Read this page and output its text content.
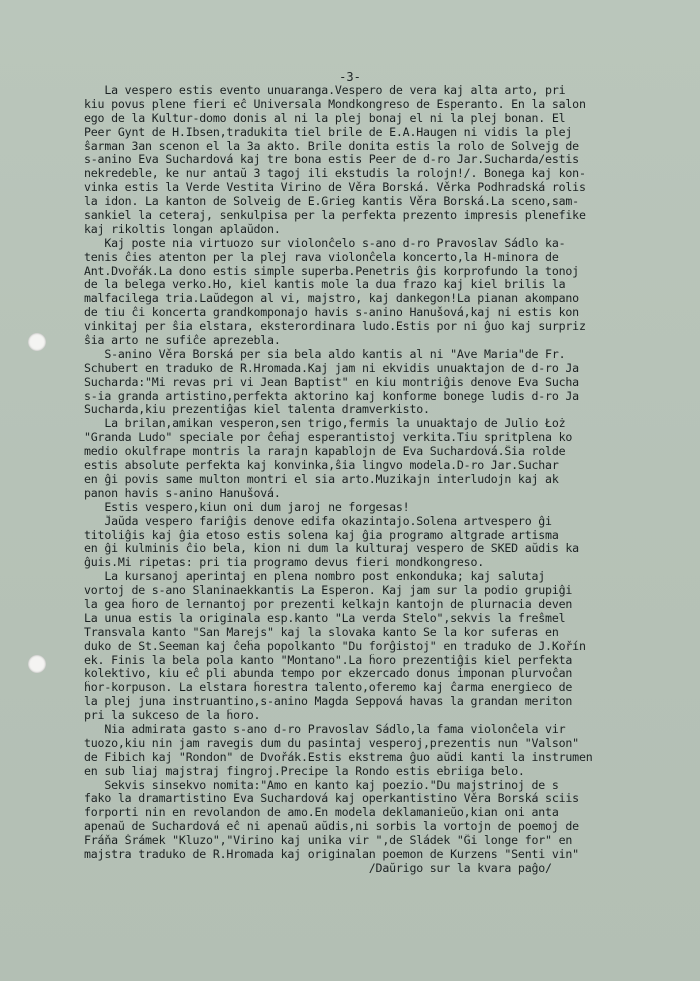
-3-
La vespero estis evento unuaranga.Vespero de vera kaj alta arto, pri
kiu povus plene fieri eĉ Universala Mondkongreso de Esperanto. En la salon
ego de la Kultur-domo donis al ni la plej bonaj el ni la plej bonan. El
Peer Gynt de H.Ibsen,tradukita tiel brile de E.A.Haugen ni vidis la plej
ŝarman 3an scenon el la 3a akto. Brile donita estis la rolo de Solvejg de
s-anino Eva Suchardová kaj tre bona estis Peer de d-ro Jar.Sucharda/estis
nekredeble, ke nur antaŭ 3 tagoj ili ekstudis la rolojn!/. Bonega kaj kon-
vinka estis la Verde Vestita Virino de Věra Borská. Věrka Podhradská rolis
la idon. La kanton de Solveig de E.Grieg kantis Věra Borská.La sceno,sam-
sankiel la ceteraj, senkulpisa per la perfekta prezento impresis plenefike
kaj rikoltis longan aplaŭdon.
Kaj poste nia virtuozo sur violonĉelo s-ano d-ro Pravoslav Sádlo ka-
tenis ĉies atenton per la plej rava violonĉela koncerto,la H-minora de
Ant.Dvořák.La dono estis simple superba.Penetris ĝis korprofundo la tonoj
de la belega verko.Ho, kiel kantis mole la dua frazo kaj kiel brilis la
malfacilega tria.Laŭdegon al vi, majstro, kaj dankegon!La pianan akompano
de tiu ĉi koncerta grandkomponajo havis s-anino Hanušová,kaj ni estis kon
vinkitaj per ŝia elstara, eksterordinara ludo.Estis por ni ĝuo kaj surpriz
ŝia arto ne sufiĉe aprezebla.
S-anino Věra Borská per sia bela aldo kantis al ni "Ave Maria"de Fr.
Schubert en traduko de R.Hromada.Kaj jam ni ekvidis unuaktajon de d-ro Ja
Sucharda:"Mi revas pri vi Jean Baptist" en kiu montriĝis denove Eva Sucha
s-ia granda artistino,perfekta aktorino kaj konforme bonege ludis d-ro Ja
Sucharda,kiu prezentiĝas kiel talenta dramverkisto.
La brilan,amikan vesperon,sen trigo,fermis la unuaktajo de Julio Łoż
"Granda Ludo" speciale por ĉeĥaj esperantistoj verkita.Tiu spritplena ko
medio okulfrape montris la rarajn kapablojn de Eva Suchardová.Ŝia rolde
estis absolute perfekta kaj konvinka,ŝia lingvo modela.D-ro Jar.Suchar
en ĝi povis same multon montri el sia arto.Muzikajn interludojn kaj ak
panon havis s-anino Hanušová.
Estis vespero,kiun oni dum jaroj ne forgesas!
Ĵaŭda vespero fariĝis denove edifa okazintajo.Solena artvespero ĝi
titoliĝis kaj ĝia etoso estis solena kaj ĝia programo altgrade artisma
en ĝi kulminis ĉio bela, kion ni dum la kulturaj vespero de SKED aŭdis ka
ĝuis.Mi ripetas: pri tia programo devus fieri mondkongreso.
La kursanoj aperintaj en plena nombro post enkonduka; kaj salutaj
vortoj de s-ano Slaninaekkantis La Esperon. Kaj jam sur la podio grupiĝi
la gea ĥoro de lernantoj por prezenti kelkajn kantojn de plurnacia deven
La unua estis la originala esp.kanto "La verda Stelo",sekvis la freŝmel
Transvala kanto "San Marejs" kaj la slovaka kanto Se la kor suferas en
duko de St.Seeman kaj ĉeĥa popolkanto "Du forĝistoj" en traduko de J.Kořín
ek. Finis la bela pola kanto "Montano".La ĥoro prezentiĝis kiel perfekta
kolektivo, kiu eĉ pli abunda tempo por ekzercado donus imponan plurvoĉan
ĥor-korpuson. La elstara ĥorestra talento,oferemo kaj ĉarma energieco de
la plej juna instruantino,s-anino Magda Seppová havas la grandan meriton
pri la sukceso de la ĥoro.
Nia admirata gasto s-ano d-ro Pravoslav Sádlo,la fama violonĉela vir
tuozo,kiu nin jam ravegis dum du pasintaj vesperoj,prezentis nun "Valson"
de Fibich kaj "Rondon" de Dvořák.Estis ekstrema ĝuo aŭdi kanti la instrumen
en sub liaj majstraj fingroj.Precipe la Rondo estis ebriiga belo.
Sekvis sinsekvo nomita:"Amo en kanto kaj poezio."Du majstrinoj de s
fako la dramartistino Eva Suchardová kaj operkantistino Věra Borská sciis
forporti nin en revolandon de amo.En modela deklamanieŭo,kian oni anta
apenaŭ de Suchardová eĉ ni apenaŭ aŭdis,ni sorbis la vortojn de poemoj de
Fráňa Šrámek "Kluzo","Virino kaj unika vir ",de Sládek "Ĝi longe for" en
majstra traduko de R.Hromada kaj originalan poemon de Kurzens "Senti vin"
/Daŭrigo sur la kvara paĝo/
